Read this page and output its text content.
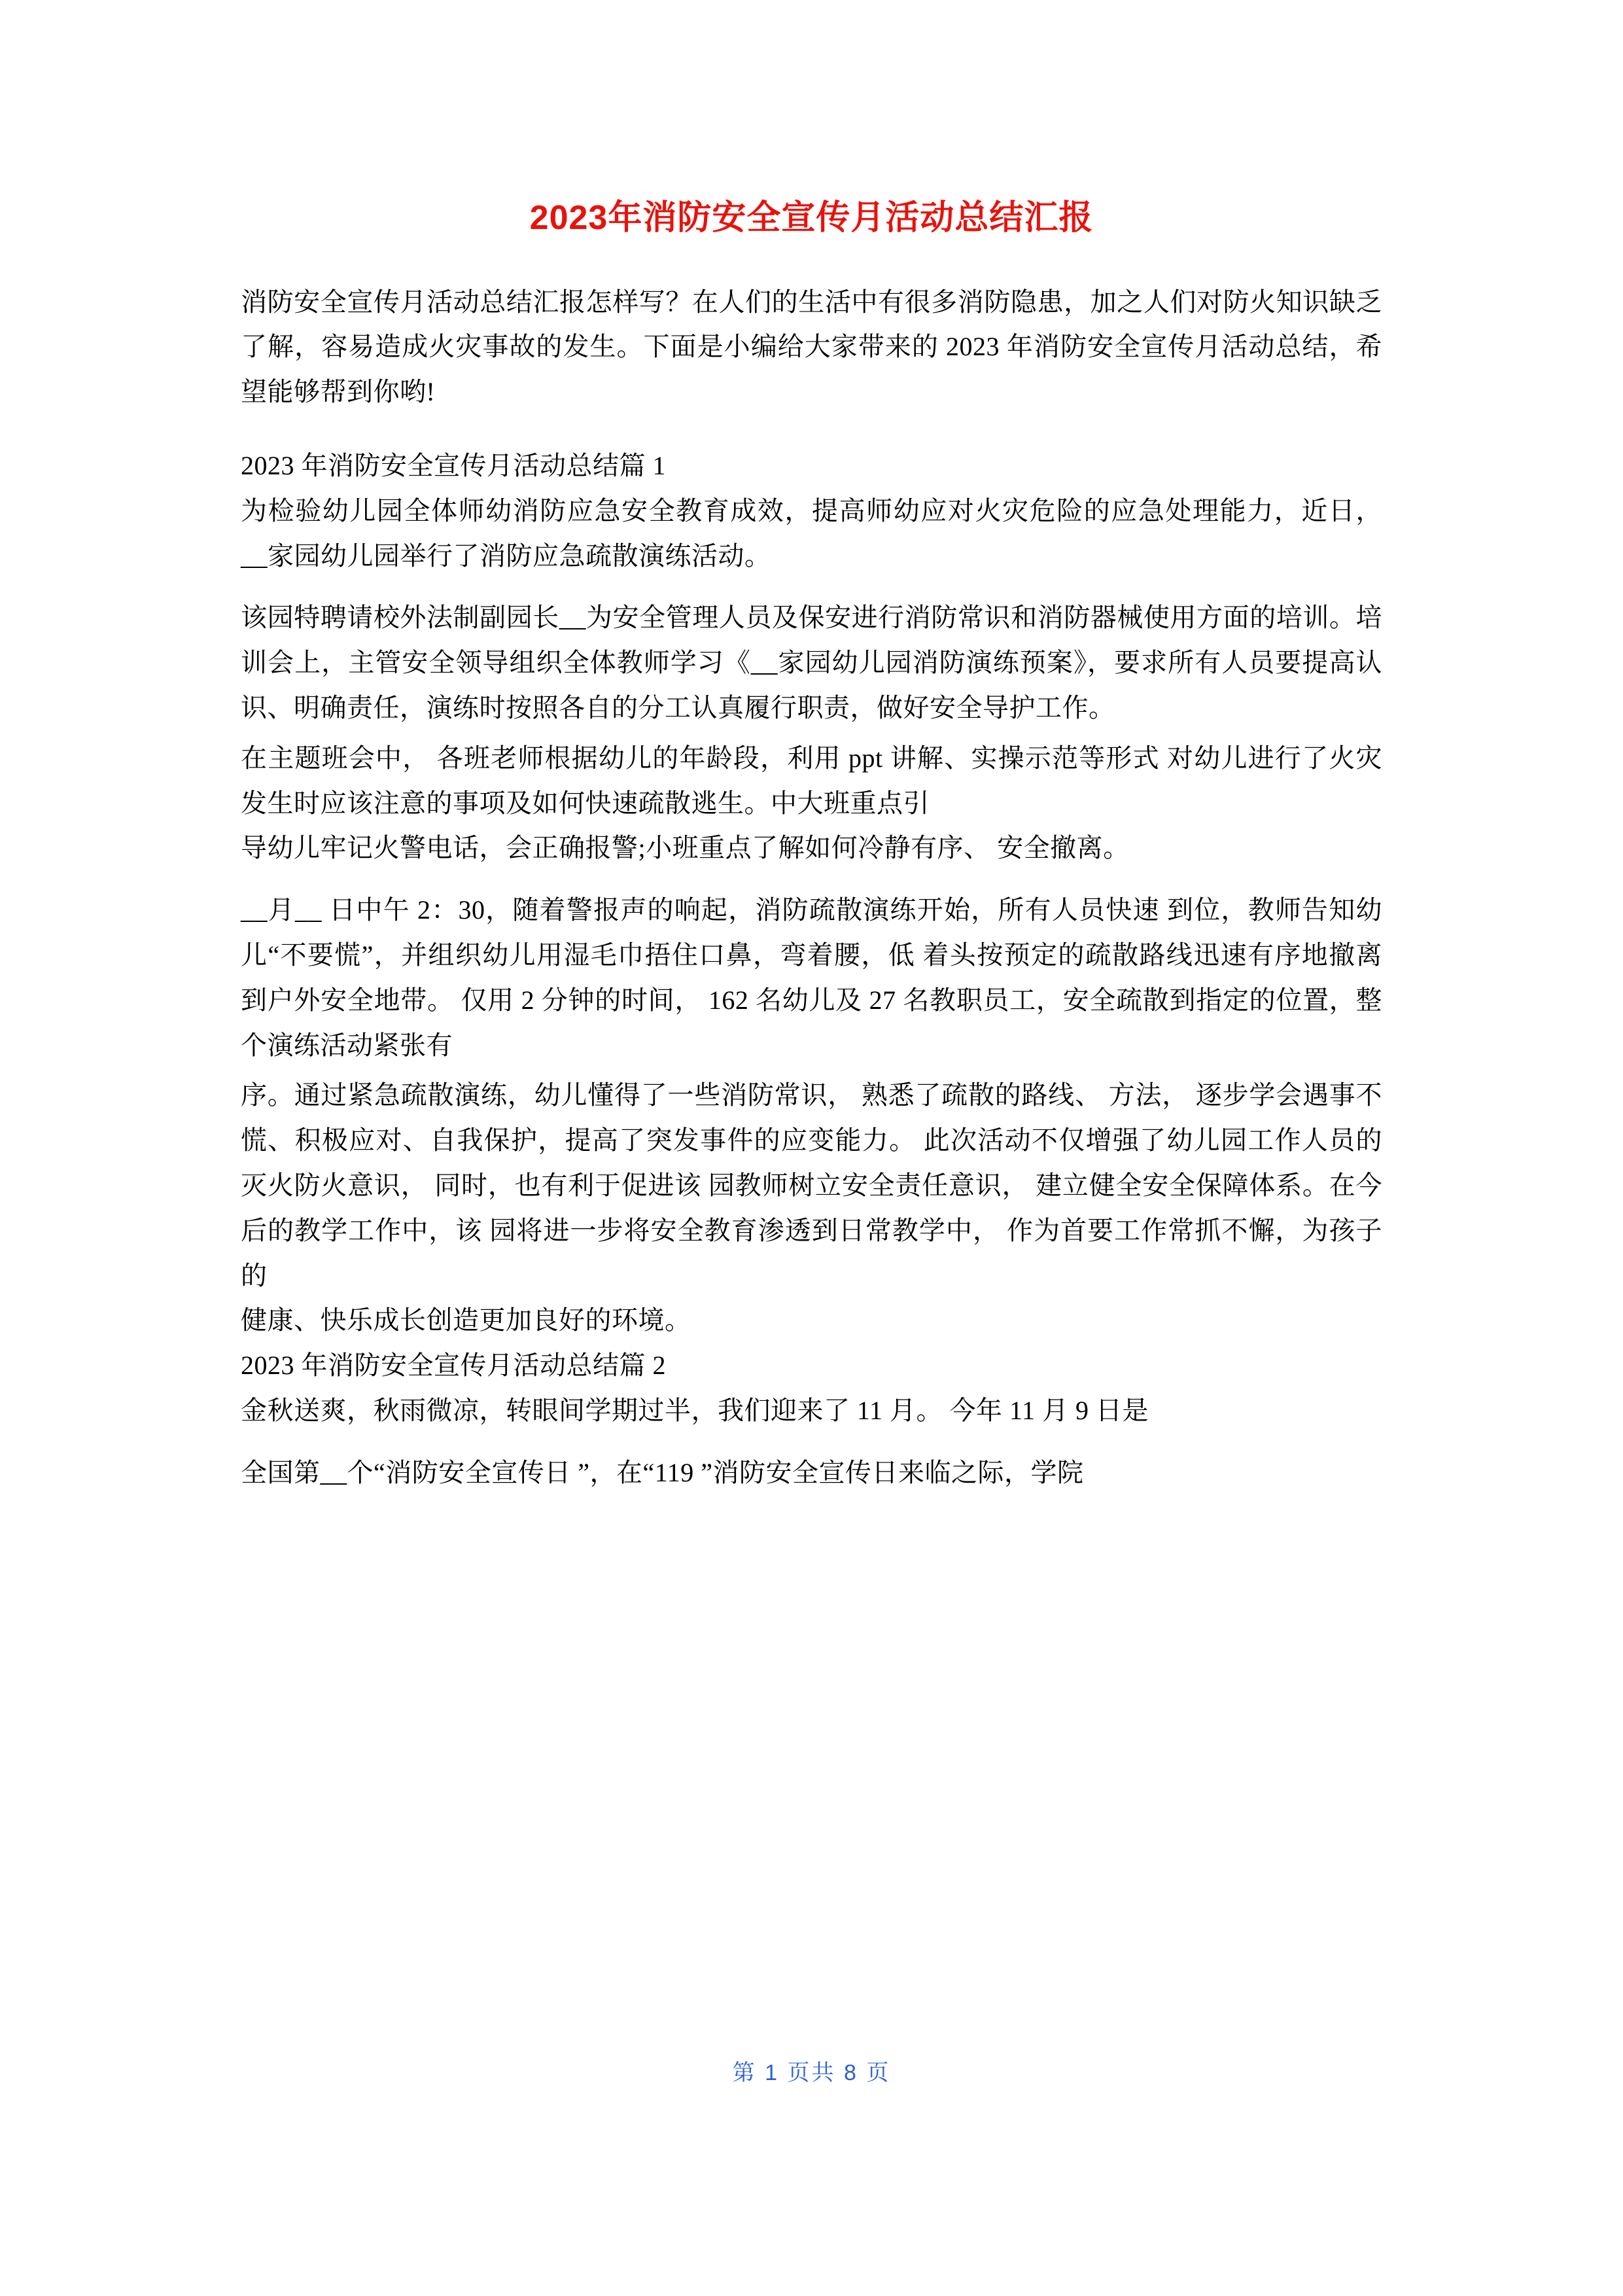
2023年消防安全宣传月活动总结汇报

消防安全宣传月活动总结汇报怎样写？在人们的生活中有很多消防隐患，加之人们对防火知识缺乏了解，容易造成火灾事故的发生。下面是小编给大家带来的 2023 年消防安全宣传月活动总结，希望能够帮到你哟!

2023 年消防安全宣传月活动总结篇 1

为检验幼儿园全体师幼消防应急安全教育成效，提高师幼应对火灾危险的应急处理能力，近日， __家园幼儿园举行了消防应急疏散演练活动。

该园特聘请校外法制副园长__为安全管理人员及保安进行消防常识和消防器械使用方面的培训。培训会上，主管安全领导组织全体教师学习《__家园幼儿园消防演练预案》，要求所有人员要提高认识、明确责任，演练时按照各自的分工认真履行职责，做好安全导护工作。

在主题班会中， 各班老师根据幼儿的年龄段，利用 ppt 讲解、实操示范等形式 对幼儿进行了火灾发生时应该注意的事项及如何快速疏散逃生。中大班重点引

导幼儿牢记火警电话，会正确报警;小班重点了解如何冷静有序、 安全撤离。

__月__ 日中午 2：30，随着警报声的响起，消防疏散演练开始，所有人员快速 到位，教师告知幼儿“不要慌”，并组织幼儿用湿毛巾捂住口鼻，弯着腰，低 着头按预定的疏散路线迅速有序地撤离到户外安全地带。 仅用 2 分钟的时间， 162 名幼儿及 27 名教职员工，安全疏散到指定的位置，整个演练活动紧张有

序。通过紧急疏散演练，幼儿懂得了一些消防常识， 熟悉了疏散的路线、 方法， 逐步学会遇事不慌、积极应对、自我保护，提高了突发事件的应变能力。 此次活动不仅增强了幼儿园工作人员的灭火防火意识， 同时，也有利于促进该 园教师树立安全责任意识， 建立健全安全保障体系。在今后的教学工作中，该 园将进一步将安全教育渗透到日常教学中， 作为首要工作常抓不懈，为孩子的

健康、快乐成长创造更加良好的环境。

2023 年消防安全宣传月活动总结篇 2

金秋送爽，秋雨微凉，转眼间学期过半，我们迎来了 11 月。 今年 11 月 9 日是

全国第__个“消防安全宣传日 ”，在“119 ”消防安全宣传日来临之际，学院

第 1 页共 8 页
